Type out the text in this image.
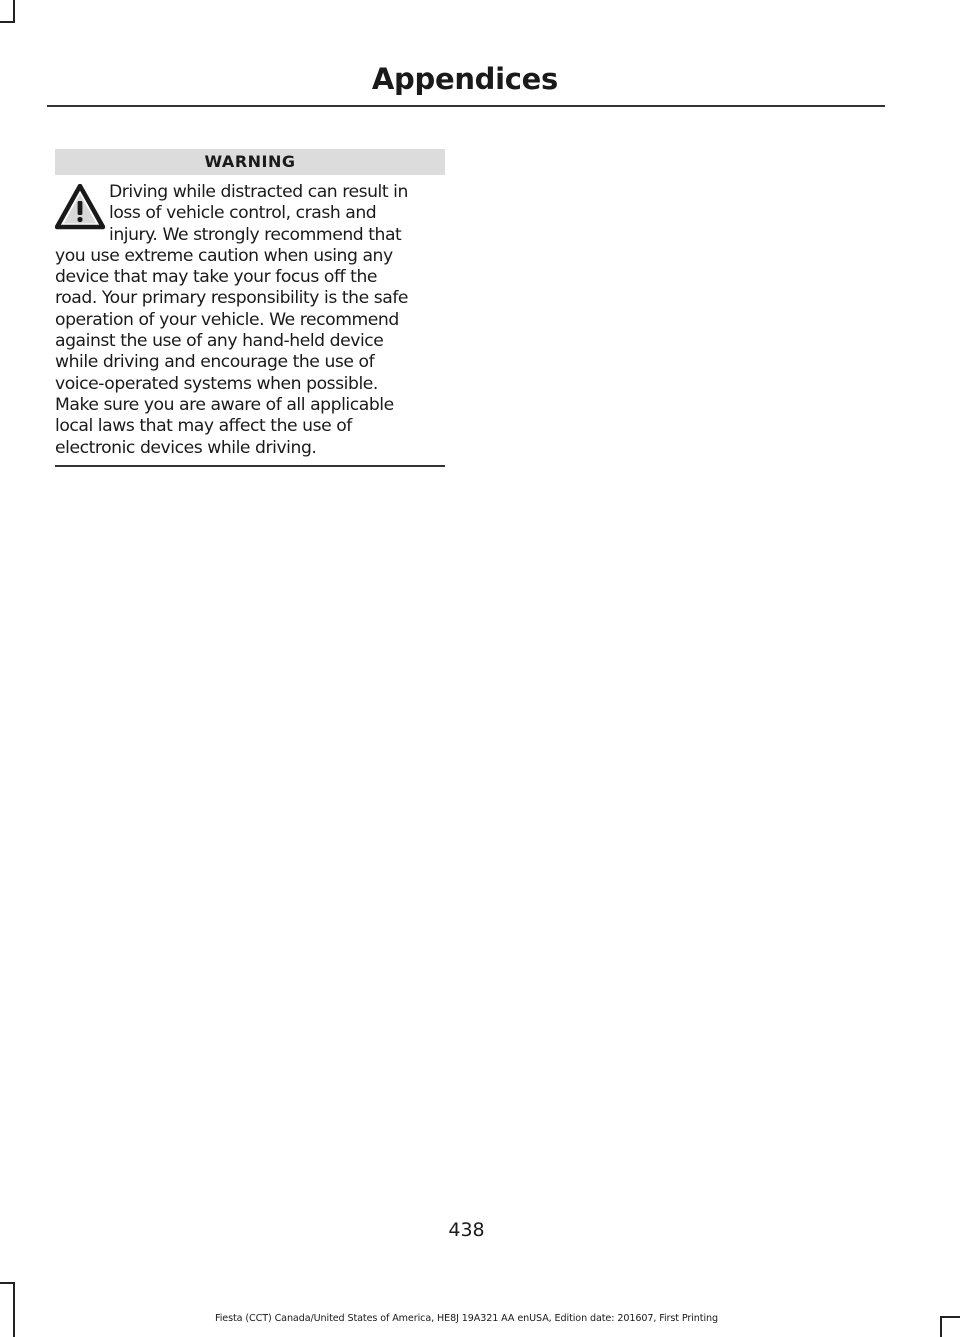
Appendices
WARNING
Driving while distracted can result in
loss of vehicle control, crash and
injury. We strongly recommend that
you use extreme caution when using any
device that may take your focus off the
road. Your primary responsibility is the safe
operation of your vehicle. We recommend
against the use of any hand-held device
while driving and encourage the use of
voice-operated systems when possible.
Make sure you are aware of all applicable
local laws that may affect the use of
electronic devices while driving.
438
Fiesta (CCT) Canada/United States of America, HE8J 19A321 AA enUSA, Edition date: 201607, First Printing
